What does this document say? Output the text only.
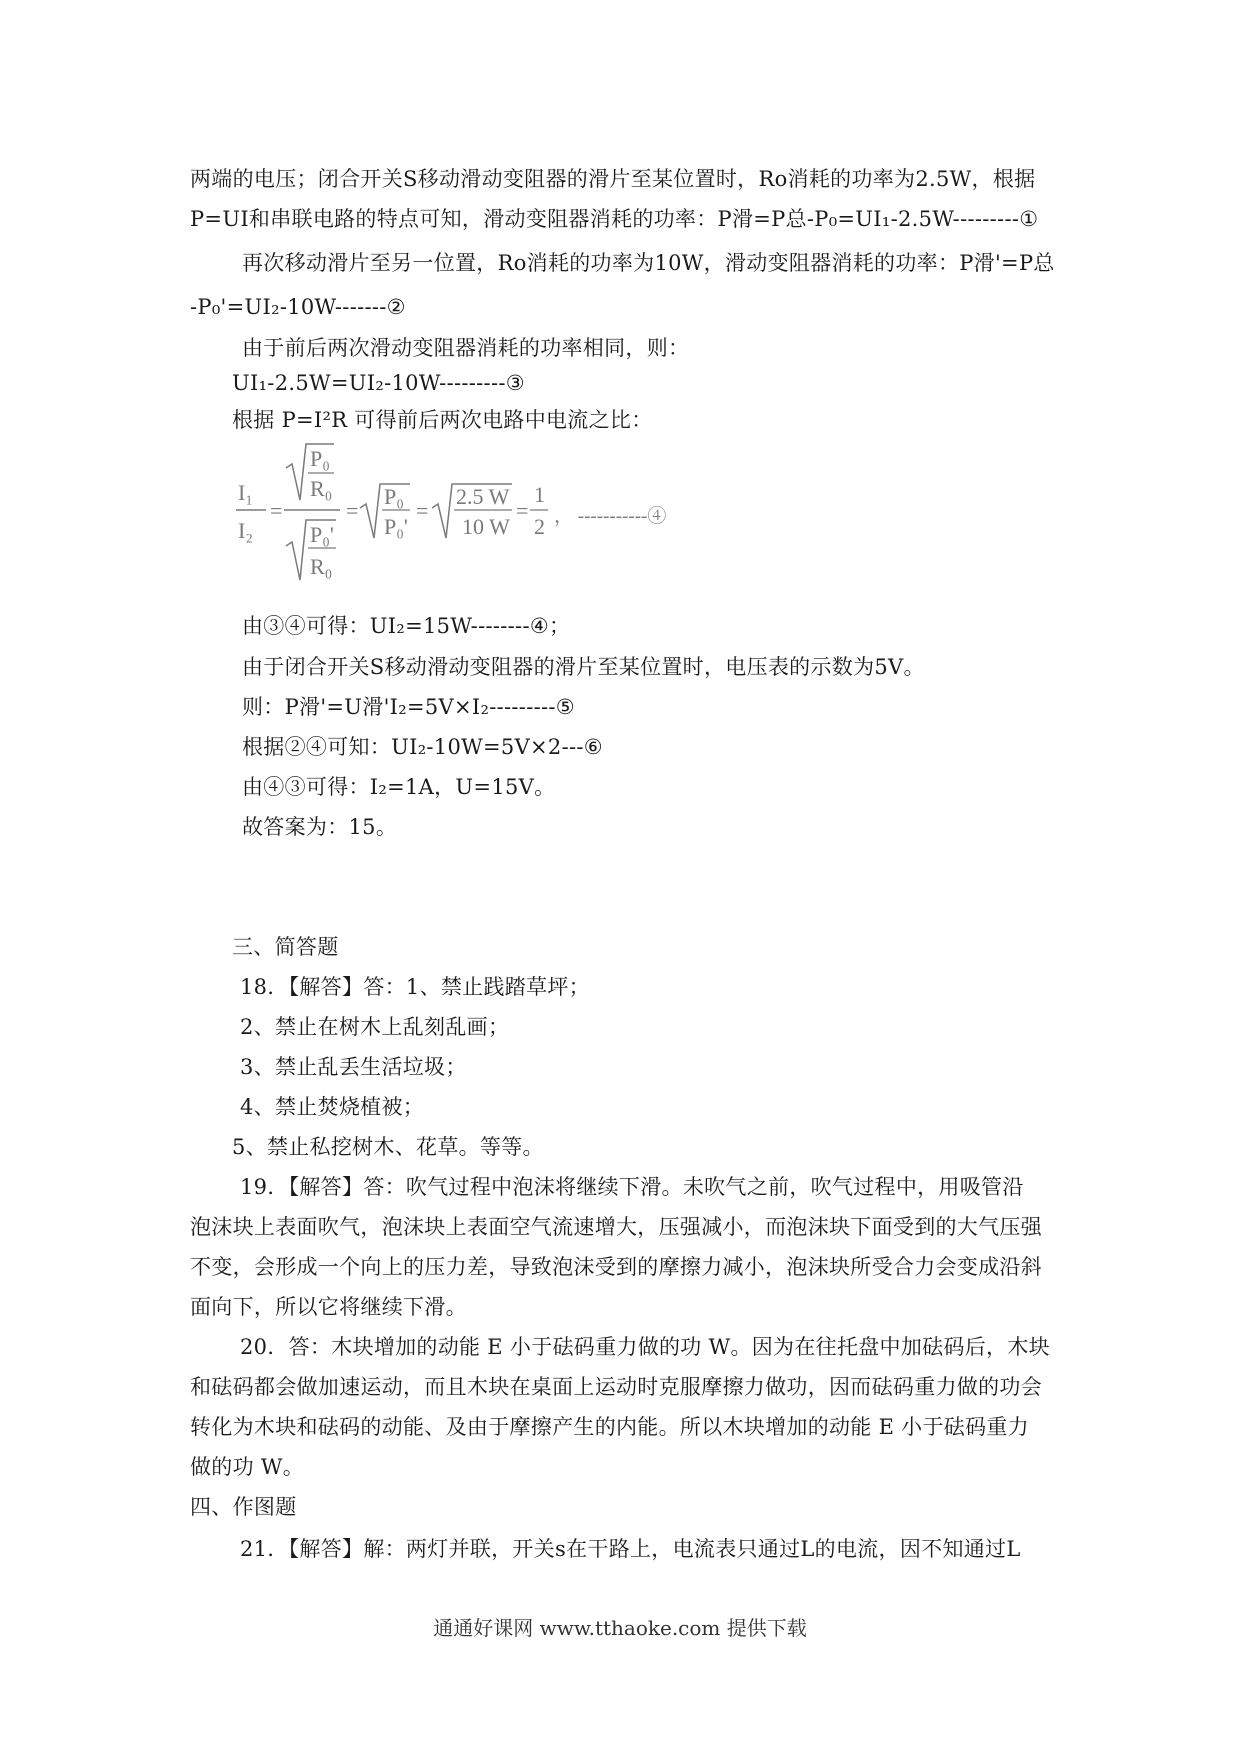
两端的电压；闭合开关S移动滑动变阻器的滑片至某位置时，Ro消耗的功率为2.5W，根据
P=UI和串联电路的特点可知，滑动变阻器消耗的功率：P滑=P总-P₀=UI₁-2.5W---------①
再次移动滑片至另一位置，Ro消耗的功率为10W，滑动变阻器消耗的功率：P滑'=P总
-P₀'=UI₂-10W-------②
由于前后两次滑动变阻器消耗的功率相同，则：
UI₁-2.5W=UI₂-10W---------③
根据 P=I²R 可得前后两次电路中电流之比：
I₁
I₂
=
P₀
R₀
P₀'
R₀
=
P₀
P₀'
=
2.5 W
10 W
=
1
2 ， -----------④
由③④可得：UI₂=15W--------④；
由于闭合开关S移动滑动变阻器的滑片至某位置时，电压表的示数为5V。
则：P滑'=U滑'I₂=5V×I₂---------⑤
根据②④可知：UI₂-10W=5V×2---⑥
由④③可得：I₂=1A，U=15V。
故答案为：15。
三、简答题
18．【解答】答：1、禁止践踏草坪；
2、禁止在树木上乱刻乱画；
3、禁止乱丢生活垃圾；
4、禁止焚烧植被；
5、禁止私挖树木、花草。等等。
19．【解答】答：吹气过程中泡沫将继续下滑。未吹气之前，吹气过程中，用吸管沿
泡沫块上表面吹气，泡沫块上表面空气流速增大，压强减小，而泡沫块下面受到的大气压强
不变，会形成一个向上的压力差，导致泡沫受到的摩擦力减小，泡沫块所受合力会变成沿斜
面向下，所以它将继续下滑。
20．答：木块增加的动能 E 小于砝码重力做的功 W。因为在往托盘中加砝码后，木块
和砝码都会做加速运动，而且木块在桌面上运动时克服摩擦力做功，因而砝码重力做的功会
转化为木块和砝码的动能、及由于摩擦产生的内能。所以木块增加的动能 E 小于砝码重力
做的功 W。
四、作图题
21．【解答】解：两灯并联，开关s在干路上，电流表只通过L的电流，因不知通过L
通通好课网 www.tthaoke.com 提供下载
